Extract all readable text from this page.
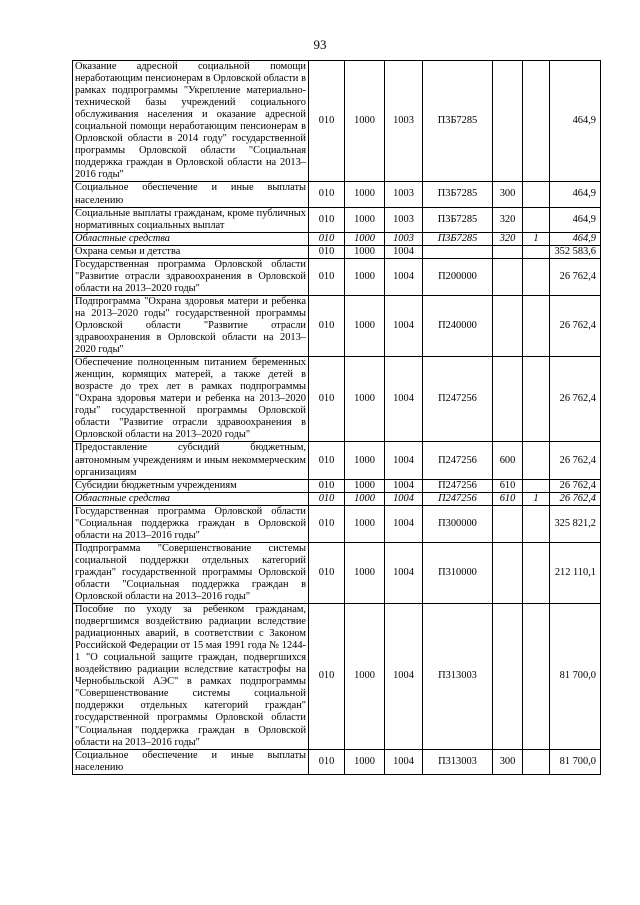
93
Оказание адресной социальной помощи неработающим пенсионерам в Орловской области в рамках подпрограммы "Укрепление материально-технической базы учреждений социального обслуживания населения и оказание адресной социальной помощи неработающим пенсионерам в Орловской области в 2014 году" государственной программы Орловской области "Социальная поддержка граждан в Орловской области на 2013–2016 годы"	010	1000	1003	П3Б7285			464,9
Социальное обеспечение и иные выплаты населению	010	1000	1003	П3Б7285	300		464,9
Социальные выплаты гражданам, кроме публичных нормативных социальных выплат	010	1000	1003	П3Б7285	320		464,9
Областные средства	010	1000	1003	П3Б7285	320	1	464,9
Охрана семьи и детства	010	1000	1004				352 583,6
Государственная программа Орловской области "Развитие отрасли здравоохранения в Орловской области на 2013–2020 годы"	010	1000	1004	П200000			26 762,4
Подпрограмма "Охрана здоровья матери и ребенка на 2013–2020 годы" государственной программы Орловской области "Развитие отрасли здравоохранения в Орловской области на 2013–2020 годы"	010	1000	1004	П240000			26 762,4
Обеспечение полноценным питанием беременных женщин, кормящих матерей, а также детей в возрасте до трех лет в рамках подпрограммы "Охрана здоровья матери и ребенка на 2013–2020 годы" государственной программы Орловской области "Развитие отрасли здравоохранения в Орловской области на 2013–2020 годы"	010	1000	1004	П247256			26 762,4
Предоставление субсидий бюджетным, автономным учреждениям и иным некоммерческим организациям	010	1000	1004	П247256	600		26 762,4
Субсидии бюджетным учреждениям	010	1000	1004	П247256	610		26 762,4
Областные средства	010	1000	1004	П247256	610	1	26 762,4
Государственная программа Орловской области "Социальная поддержка граждан в Орловской области на 2013–2016 годы"	010	1000	1004	П300000			325 821,2
Подпрограмма "Совершенствование системы социальной поддержки отдельных категорий граждан" государственной программы Орловской области "Социальная поддержка граждан в Орловской области на 2013–2016 годы"	010	1000	1004	П310000			212 110,1
Пособие по уходу за ребенком гражданам, подвергшимся воздействию радиации вследствие радиационных аварий, в соответствии с Законом Российской Федерации от 15 мая 1991 года № 1244-1 "О социальной защите граждан, подвергшихся воздействию радиации вследствие катастрофы на Чернобыльской АЭС" в рамках подпрограммы "Совершенствование системы социальной поддержки отдельных категорий граждан" государственной программы Орловской области "Социальная поддержка граждан в Орловской области на 2013–2016 годы"	010	1000	1004	П313003			81 700,0
Социальное обеспечение и иные выплаты населению	010	1000	1004	П313003	300		81 700,0
